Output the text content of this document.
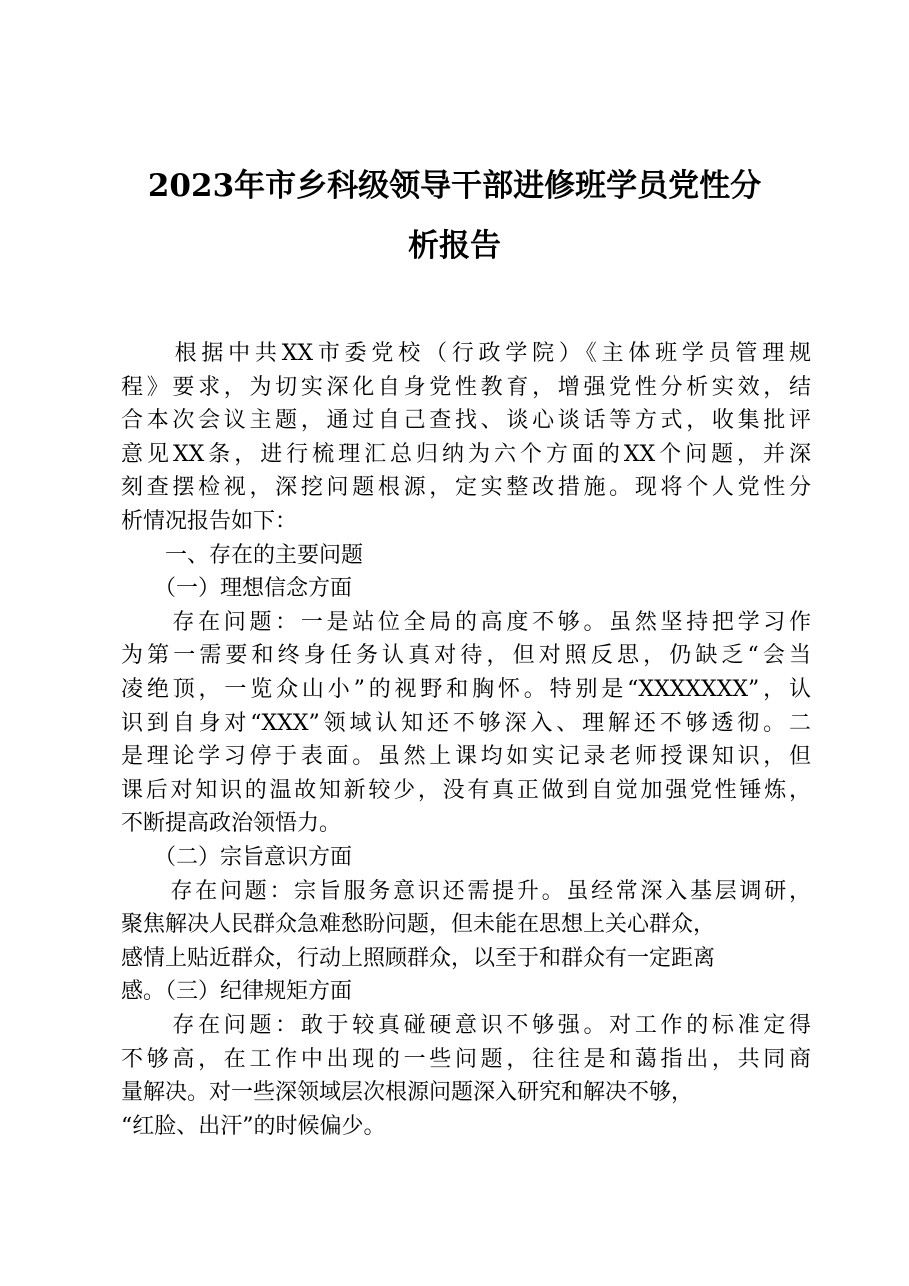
2023年市乡科级领导干部进修班学员党性分
析报告
　　根据中共XX市委党校（行政学院）《主体班学员管理规
程》要求，为切实深化自身党性教育，增强党性分析实效，结
合本次会议主题，通过自己查找、谈心谈话等方式，收集批评
意见XX条，进行梳理汇总归纳为六个方面的XX个问题，并深
刻查摆检视，深挖问题根源，定实整改措施。现将个人党性分
析情况报告如下：
　　一、存在的主要问题
　　（一）理想信念方面
　　存在问题：一是站位全局的高度不够。虽然坚持把学习作
为第一需要和终身任务认真对待，但对照反思，仍缺乏“会当
凌绝顶，一览众山小”的视野和胸怀。特别是“XXXXXXX”，认
识到自身对“XXX”领域认知还不够深入、理解还不够透彻。二
是理论学习停于表面。虽然上课均如实记录老师授课知识，但
课后对知识的温故知新较少，没有真正做到自觉加强党性锤炼，
不断提高政治领悟力。
　　（二）宗旨意识方面
　　存在问题：宗旨服务意识还需提升。虽经常深入基层调研，
聚焦解决人民群众急难愁盼问题，但未能在思想上关心群众，
感情上贴近群众，行动上照顾群众，以至于和群众有一定距离
感。（三）纪律规矩方面
　　存在问题：敢于较真碰硬意识不够强。对工作的标准定得
不够高，在工作中出现的一些问题，往往是和蔼指出，共同商
量解决。对一些深领域层次根源问题深入研究和解决不够，
“红脸、出汗”的时候偏少。
